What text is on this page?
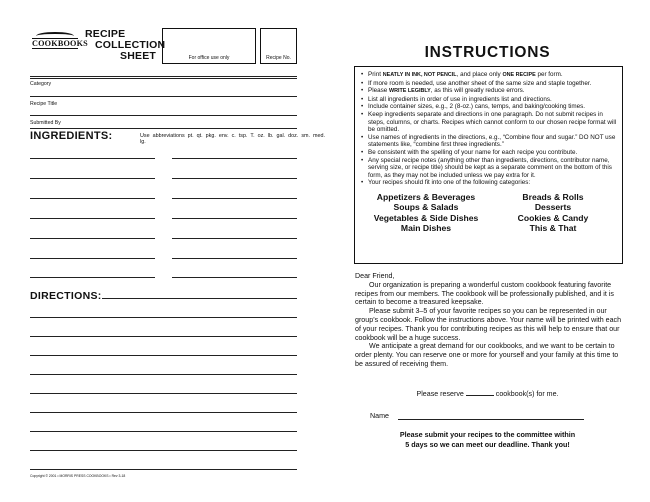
COOKBOOKS
RECIPE
COLLECTION
SHEET	For office use only	Recipe No.
Category
Recipe Title
Submitted By
INGREDIENTS:	Use abbreviations pt. qt. pkg. env. c. tsp. T. oz. lb. gal. doz. sm. med. lg.
DIRECTIONS:
Copyright © 2001 • MORRIS PRESS COOKBOOKS • Rev 3-18
INSTRUCTIONS
• Print NEATLY IN INK, NOT PENCIL, and place only ONE RECIPE per form.
• If more room is needed, use another sheet of the same size and staple together.
• Please WRITE LEGIBLY, as this will greatly reduce errors.
• List all ingredients in order of use in ingredients list and directions.
• Include container sizes, e.g., 2 (8-oz.) cans, temps, and baking/cooking times.
• Keep ingredients separate and directions in one paragraph. Do not submit recipes in steps, columns, or charts. Recipes which cannot conform to our chosen recipe format will be omitted.
• Use names of ingredients in the directions, e.g., “Combine flour and sugar.” DO NOT use statements like, “combine first three ingredients.”
• Be consistent with the spelling of your name for each recipe you contribute.
• Any special recipe notes (anything other than ingredients, directions, contributor name, serving size, or recipe title) should be kept as a separate comment on the bottom of this form, as they may not be included unless we pay extra for it.
• Your recipes should fit into one of the following categories:
Appetizers & Beverages	Breads & Rolls
Soups & Salads	Desserts
Vegetables & Side Dishes	Cookies & Candy
Main Dishes	This & That

Dear Friend,

Our organization is preparing a wonderful custom cookbook featuring favorite recipes from our members. The cookbook will be professionally published, and it is certain to become a treasured keepsake.

Please submit 3–5 of your favorite recipes so you can be represented in our group’s cookbook. Follow the instructions above. Your name will be printed with each of your recipes. Thank you for contributing recipes as this will help to ensure that our cookbook will be a huge success.

We anticipate a great demand for our cookbooks, and we want to be certain to order plenty. You can reserve one or more for yourself and your family at this time to be assured of receiving them.

Please reserve	cookbook(s) for me.
Name
Please submit your recipes to the committee within
5 days so we can meet our deadline. Thank you!
